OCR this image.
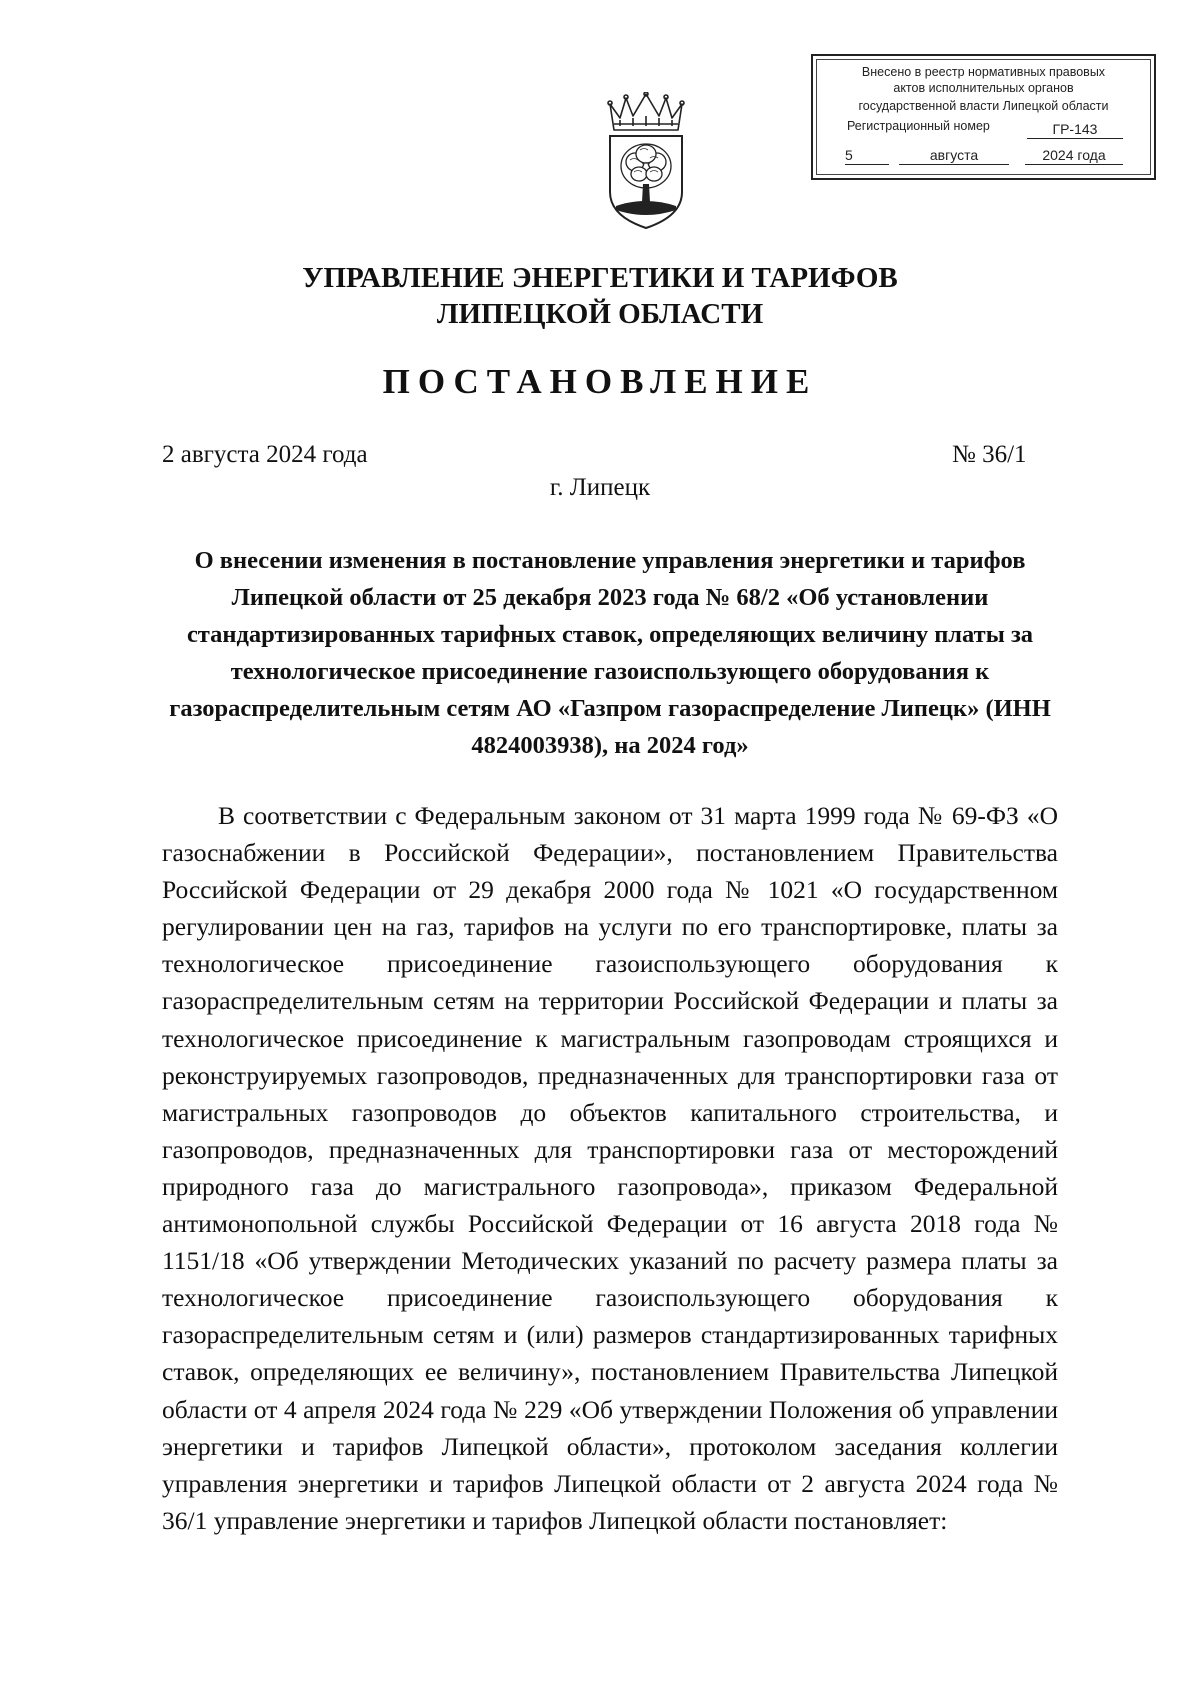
Внесено в реестр нормативных правовых
актов исполнительных органов
государственной власти Липецкой области
Регистрационный номер	ГР-143
5	августа	2024 года
УПРАВЛЕНИЕ ЭНЕРГЕТИКИ И ТАРИФОВ
ЛИПЕЦКОЙ ОБЛАСТИ
ПОСТАНОВЛЕНИЕ
2 августа 2024 года	№ 36/1
г. Липецк
О внесении изменения в постановление управления энергетики и тарифов Липецкой области от 25 декабря 2023 года № 68/2 «Об установлении стандартизированных тарифных ставок, определяющих величину платы за технологическое присоединение газоиспользующего оборудования к газораспределительным сетям АО «Газпром газораспределение Липецк» (ИНН 4824003938), на 2024 год»
В соответствии с Федеральным законом от 31 марта 1999 года № 69-ФЗ «О газоснабжении в Российской Федерации», постановлением Правительства Российской Федерации от 29 декабря 2000 года № 1021 «О государственном регулировании цен на газ, тарифов на услуги по его транспортировке, платы за технологическое присоединение газоиспользующего оборудования к газораспределительным сетям на территории Российской Федерации и платы за технологическое присоединение к магистральным газопроводам строящихся и реконструируемых газопроводов, предназначенных для транспортировки газа от магистральных газопроводов до объектов капитального строительства, и газопроводов, предназначенных для транспортировки газа от месторождений природного газа до магистрального газопровода», приказом Федеральной антимонопольной службы Российской Федерации от 16 августа 2018 года № 1151/18 «Об утверждении Методических указаний по расчету размера платы за технологическое присоединение газоиспользующего оборудования к газораспределительным сетям и (или) размеров стандартизированных тарифных ставок, определяющих ее величину», постановлением Правительства Липецкой области от 4 апреля 2024 года № 229 «Об утверждении Положения об управлении энергетики и тарифов Липецкой области», протоколом заседания коллегии управления энергетики и тарифов Липецкой области от 2 августа 2024 года № 36/1 управление энергетики и тарифов Липецкой области постановляет:
